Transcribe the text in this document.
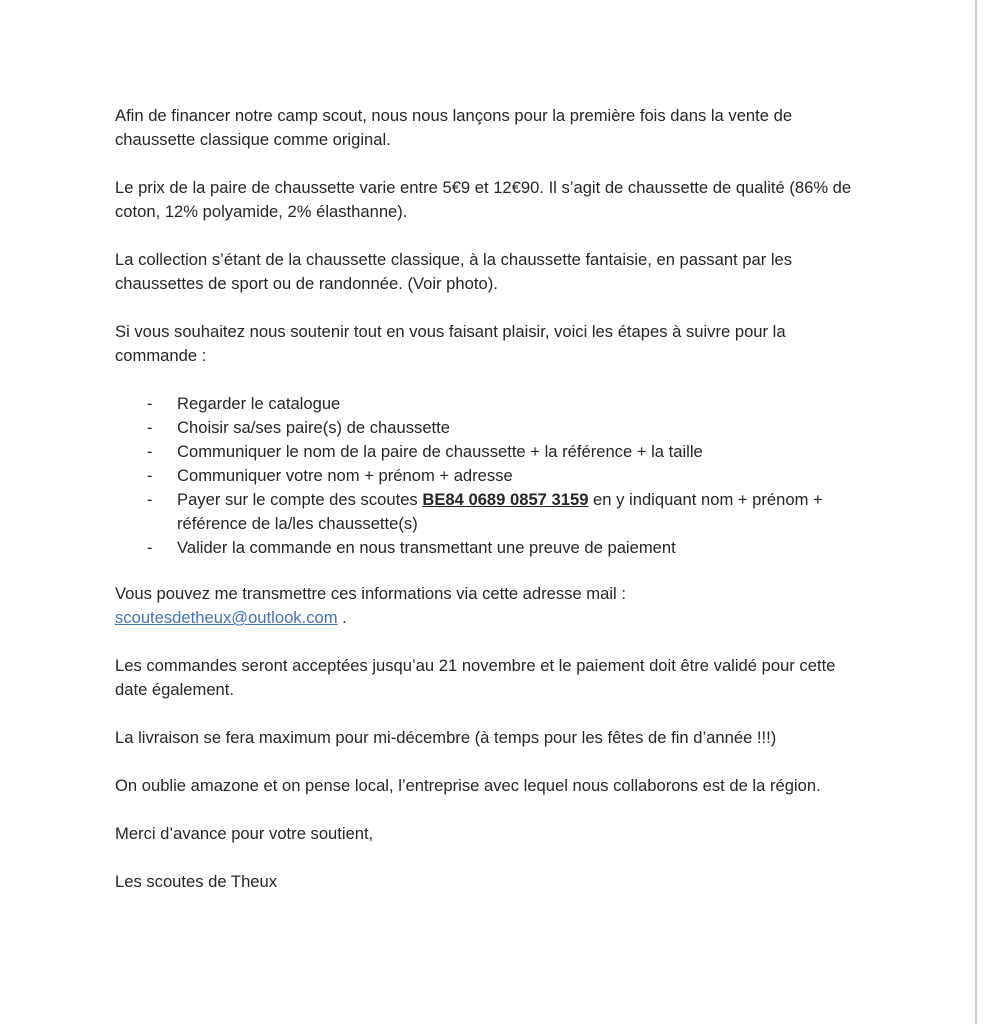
Afin de financer notre camp scout, nous nous lançons pour la première fois dans la vente de chaussette classique comme original.

Le prix de la paire de chaussette varie entre 5€9 et 12€90. Il s’agit de chaussette de qualité (86% de coton, 12% polyamide, 2% élasthanne).

La collection s’étant de la chaussette classique, à la chaussette fantaisie, en passant par les chaussettes de sport ou de randonnée. (Voir photo).

Si vous souhaitez nous soutenir tout en vous faisant plaisir, voici les étapes à suivre pour la commande :

- Regarder le catalogue
- Choisir sa/ses paire(s) de chaussette
- Communiquer le nom de la paire de chaussette + la référence + la taille
- Communiquer votre nom + prénom + adresse
- Payer sur le compte des scoutes BE84 0689 0857 3159 en y indiquant nom + prénom + référence de la/les chaussette(s)
- Valider la commande en nous transmettant une preuve de paiement

Vous pouvez me transmettre ces informations via cette adresse mail :
scoutesdetheux@outlook.com .

Les commandes seront acceptées jusqu’au 21 novembre et le paiement doit être validé pour cette date également.

La livraison se fera maximum pour mi-décembre (à temps pour les fêtes de fin d’année !!!)

On oublie amazone et on pense local, l’entreprise avec lequel nous collaborons est de la région.

Merci d’avance pour votre soutient,

Les scoutes de Theux
